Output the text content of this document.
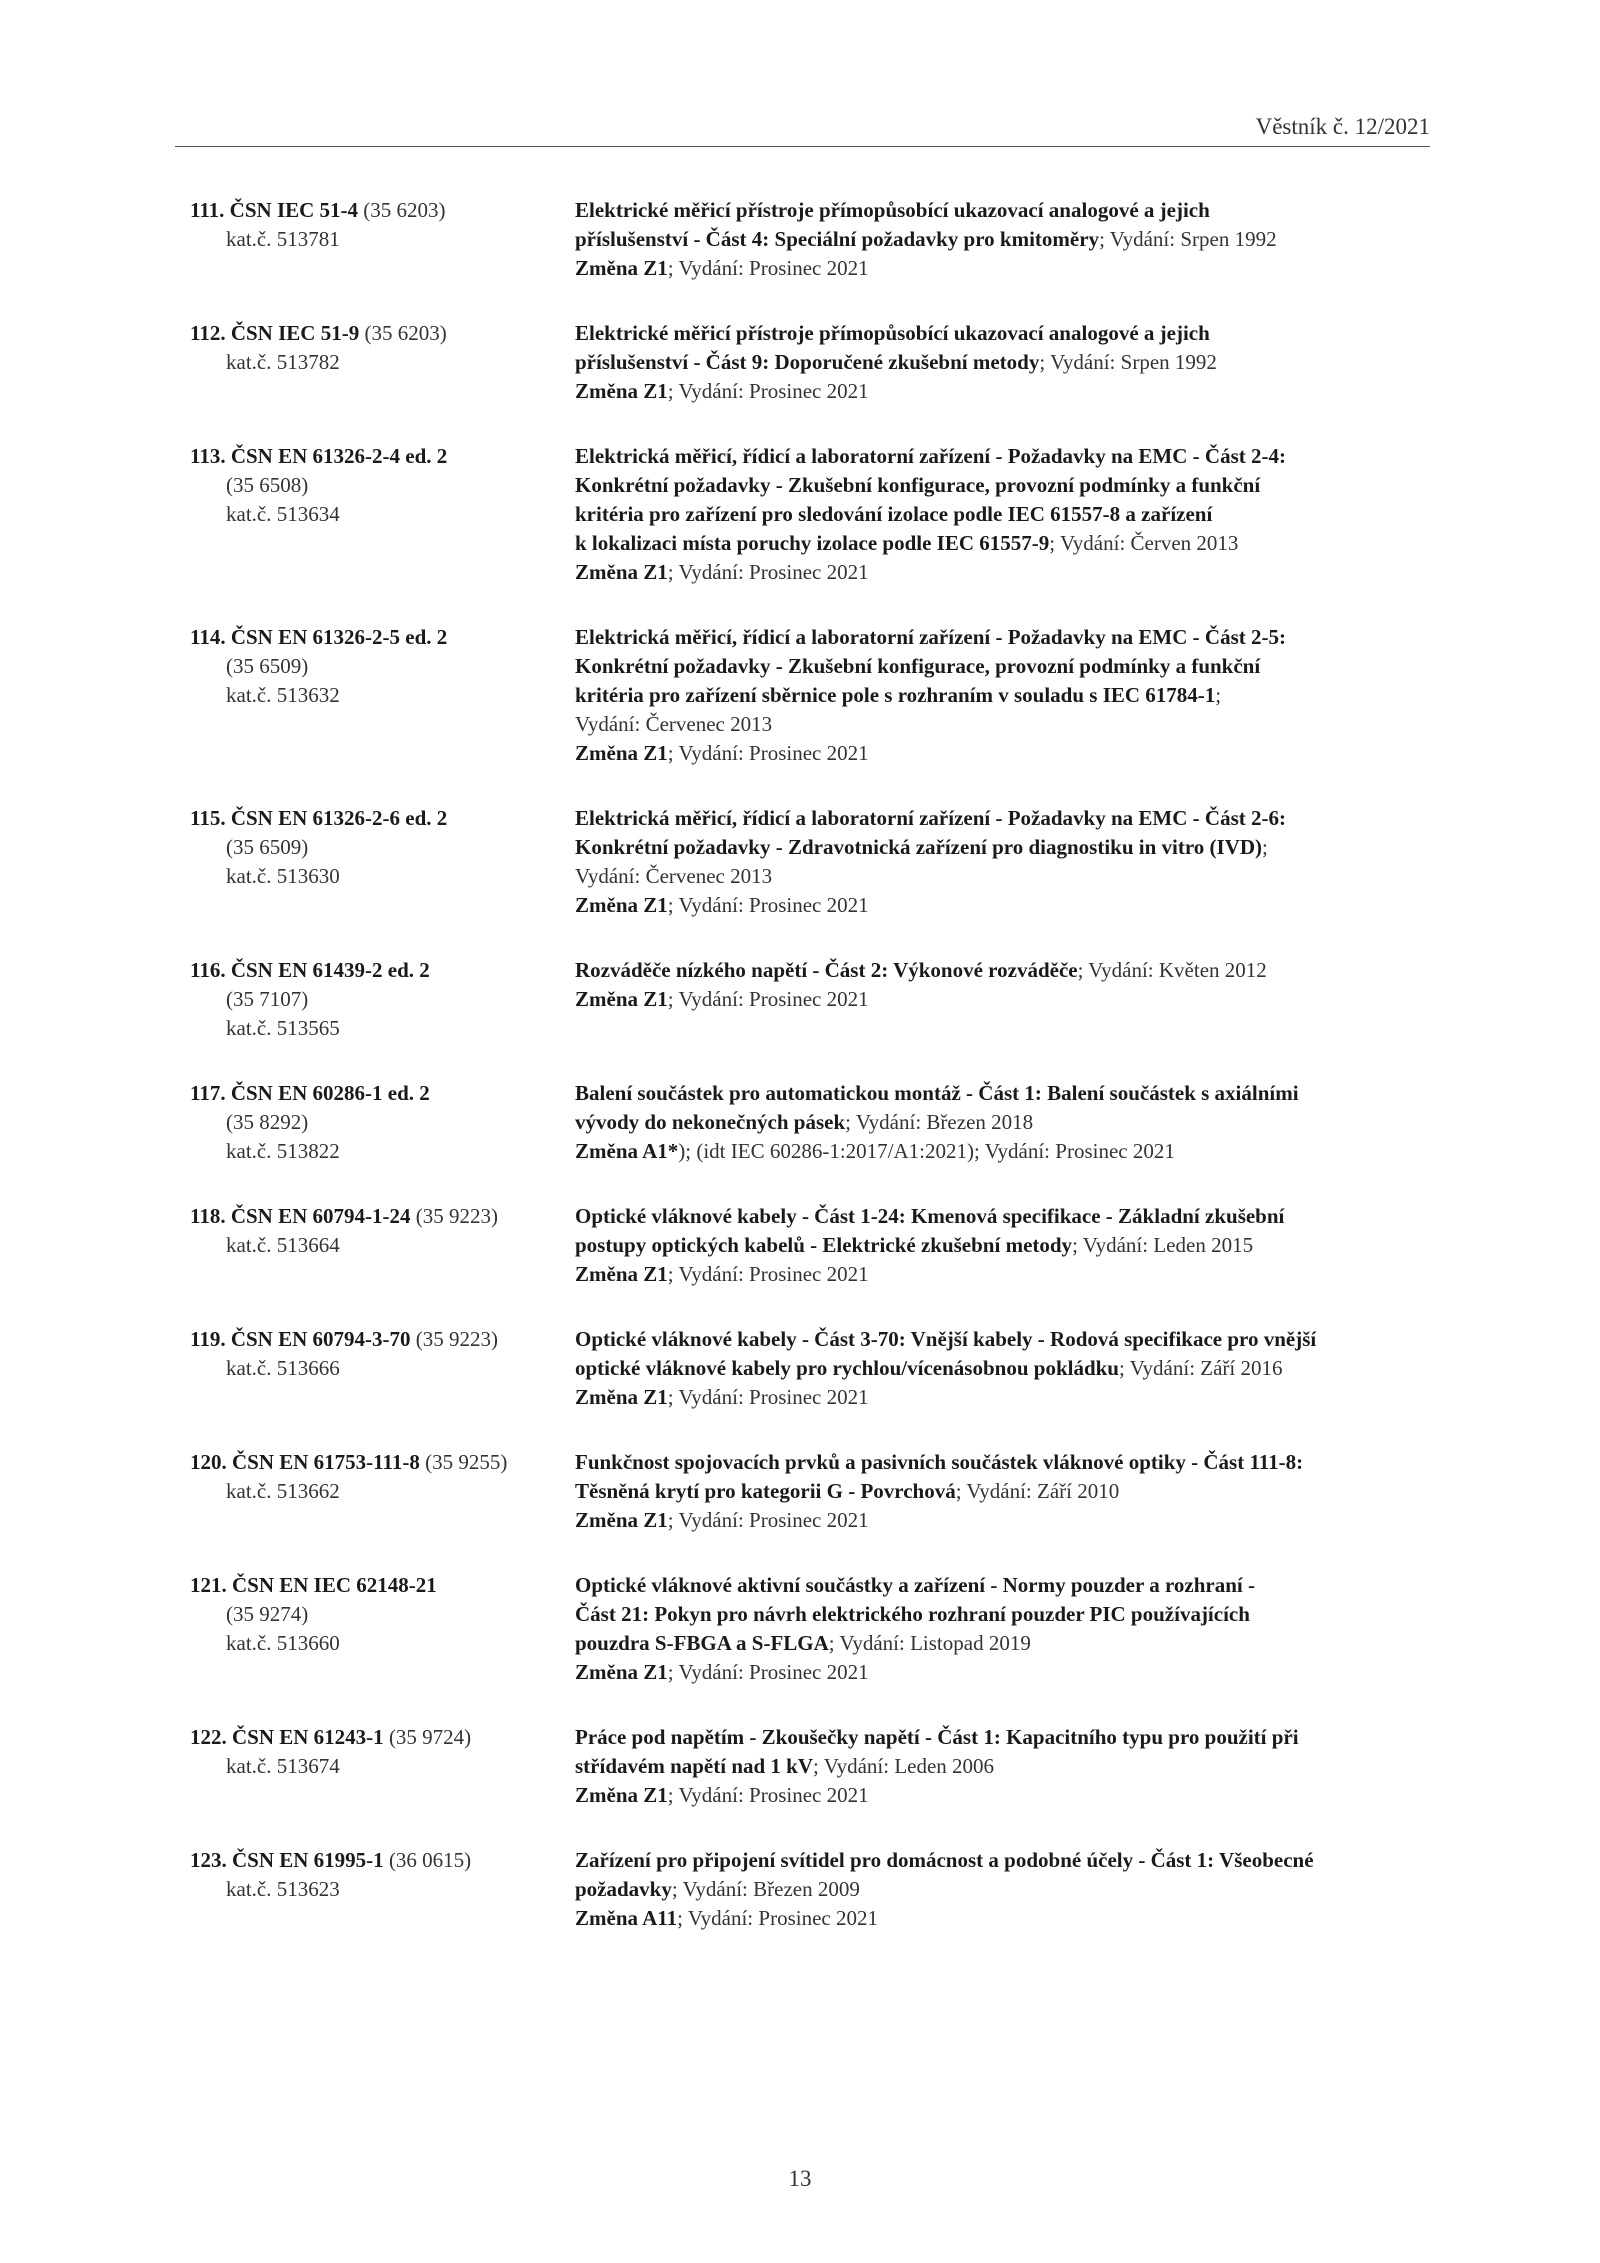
Věstník č. 12/2021
111. ČSN IEC 51-4 (35 6203)
kat.č. 513781
Elektrické měřicí přístroje přímopůsobící ukazovací analogové a jejich
příslušenství - Část 4: Speciální požadavky pro kmitoměry; Vydání: Srpen 1992
Změna Z1; Vydání: Prosinec 2021
112. ČSN IEC 51-9 (35 6203)
kat.č. 513782
Elektrické měřicí přístroje přímopůsobící ukazovací analogové a jejich
příslušenství - Část 9: Doporučené zkušební metody; Vydání: Srpen 1992
Změna Z1; Vydání: Prosinec 2021
113. ČSN EN 61326-2-4 ed. 2
(35 6508)
kat.č. 513634
Elektrická měřicí, řídicí a laboratorní zařízení - Požadavky na EMC - Část 2-4:
Konkrétní požadavky - Zkušební konfigurace, provozní podmínky a funkční
kritéria pro zařízení pro sledování izolace podle IEC 61557-8 a zařízení
k lokalizaci místa poruchy izolace podle IEC 61557-9; Vydání: Červen 2013
Změna Z1; Vydání: Prosinec 2021
114. ČSN EN 61326-2-5 ed. 2
(35 6509)
kat.č. 513632
Elektrická měřicí, řídicí a laboratorní zařízení - Požadavky na EMC - Část 2-5:
Konkrétní požadavky - Zkušební konfigurace, provozní podmínky a funkční
kritéria pro zařízení sběrnice pole s rozhraním v souladu s IEC 61784-1;
Vydání: Červenec 2013
Změna Z1; Vydání: Prosinec 2021
115. ČSN EN 61326-2-6 ed. 2
(35 6509)
kat.č. 513630
Elektrická měřicí, řídicí a laboratorní zařízení - Požadavky na EMC - Část 2-6:
Konkrétní požadavky - Zdravotnická zařízení pro diagnostiku in vitro (IVD);
Vydání: Červenec 2013
Změna Z1; Vydání: Prosinec 2021
116. ČSN EN 61439-2 ed. 2
(35 7107)
kat.č. 513565
Rozváděče nízkého napětí - Část 2: Výkonové rozváděče; Vydání: Květen 2012
Změna Z1; Vydání: Prosinec 2021
117. ČSN EN 60286-1 ed. 2
(35 8292)
kat.č. 513822
Balení součástek pro automatickou montáž - Část 1: Balení součástek s axiálními
vývody do nekonečných pásek; Vydání: Březen 2018
Změna A1*); (idt IEC 60286-1:2017/A1:2021); Vydání: Prosinec 2021
118. ČSN EN 60794-1-24 (35 9223)
kat.č. 513664
Optické vláknové kabely - Část 1-24: Kmenová specifikace - Základní zkušební
postupy optických kabelů - Elektrické zkušební metody; Vydání: Leden 2015
Změna Z1; Vydání: Prosinec 2021
119. ČSN EN 60794-3-70 (35 9223)
kat.č. 513666
Optické vláknové kabely - Část 3-70: Vnější kabely - Rodová specifikace pro vnější
optické vláknové kabely pro rychlou/vícenásobnou pokládku; Vydání: Září 2016
Změna Z1; Vydání: Prosinec 2021
120. ČSN EN 61753-111-8 (35 9255)
kat.č. 513662
Funkčnost spojovacích prvků a pasivních součástek vláknové optiky - Část 111-8:
Těsněná krytí pro kategorii G - Povrchová; Vydání: Září 2010
Změna Z1; Vydání: Prosinec 2021
121. ČSN EN IEC 62148-21
(35 9274)
kat.č. 513660
Optické vláknové aktivní součástky a zařízení - Normy pouzder a rozhraní -
Část 21: Pokyn pro návrh elektrického rozhraní pouzder PIC používajících
pouzdra S-FBGA a S-FLGA; Vydání: Listopad 2019
Změna Z1; Vydání: Prosinec 2021
122. ČSN EN 61243-1 (35 9724)
kat.č. 513674
Práce pod napětím - Zkoušečky napětí - Část 1: Kapacitního typu pro použití při
střídavém napětí nad 1 kV; Vydání: Leden 2006
Změna Z1; Vydání: Prosinec 2021
123. ČSN EN 61995-1 (36 0615)
kat.č. 513623
Zařízení pro připojení svítidel pro domácnost a podobné účely - Část 1: Všeobecné
požadavky; Vydání: Březen 2009
Změna A11; Vydání: Prosinec 2021
13
